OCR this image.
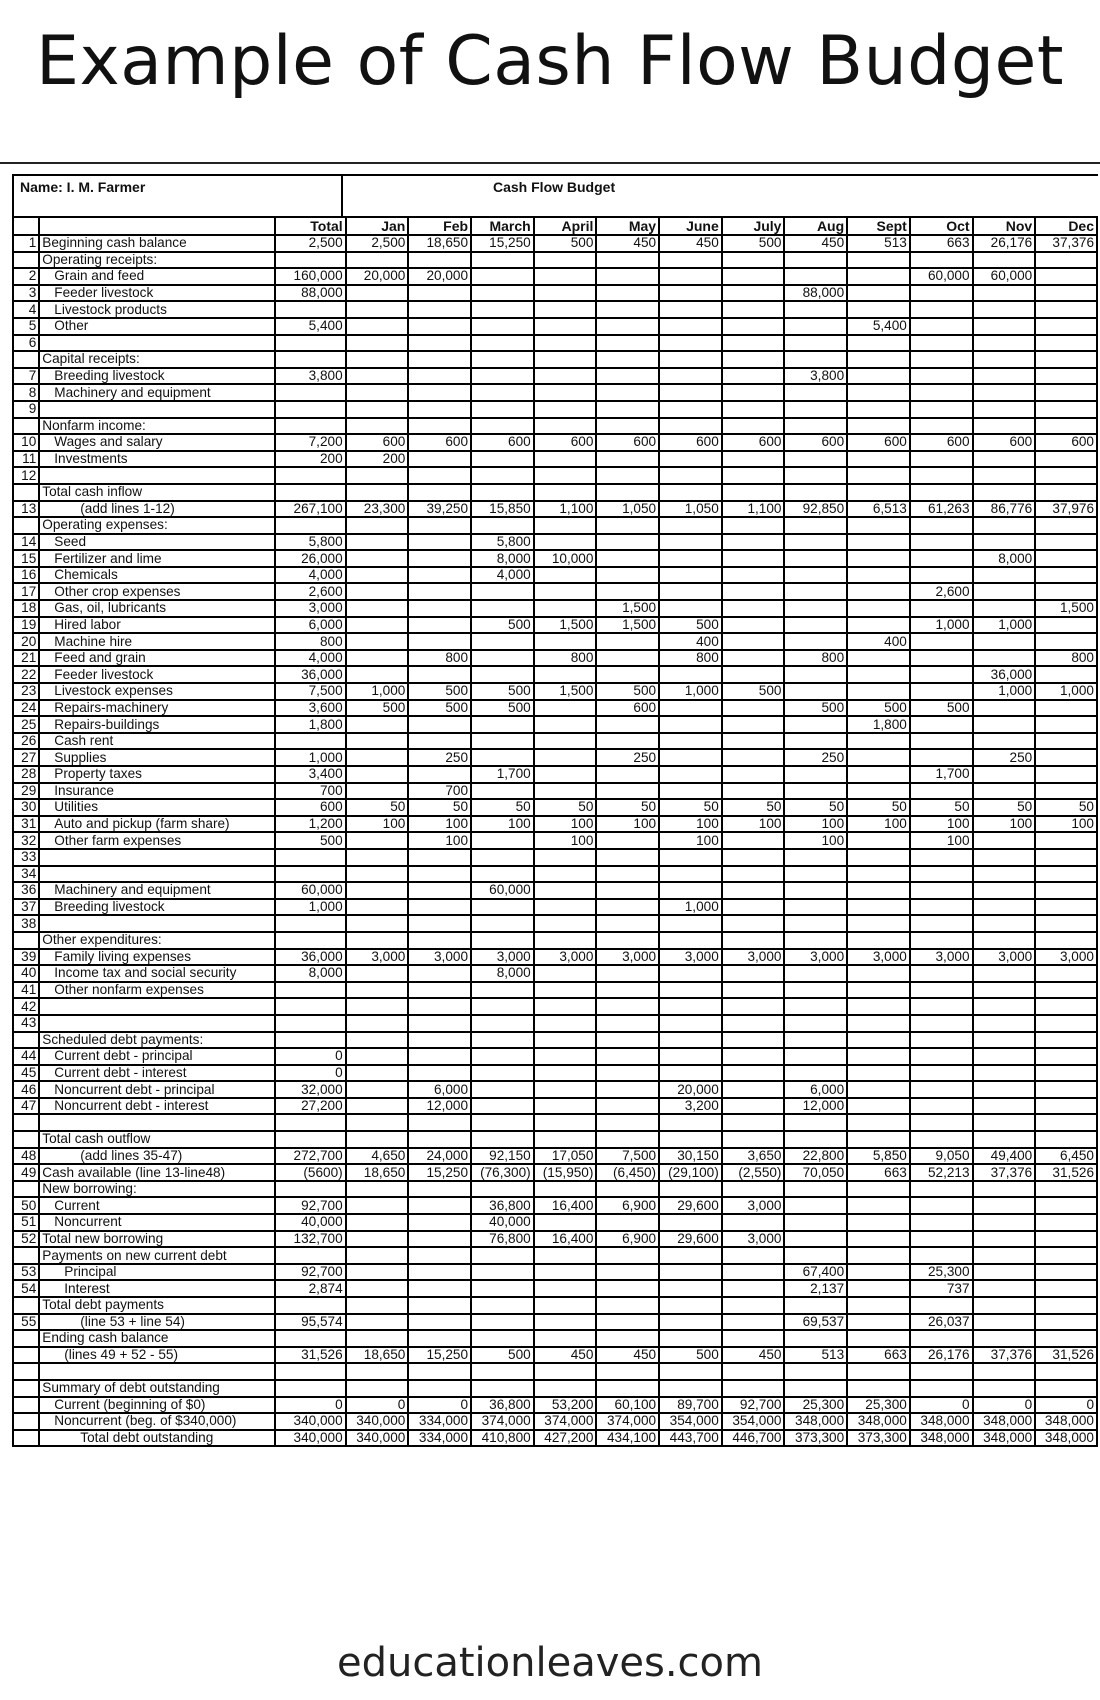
Example of Cash Flow Budget
Name: I. M. Farmer	Cash Flow Budget
		Total	Jan	Feb	March	April	May	June	July	Aug	Sept	Oct	Nov	Dec
1	Beginning cash balance	2,500	2,500	18,650	15,250	500	450	450	500	450	513	663	26,176	37,376
	Operating receipts:													
2	Grain and feed	160,000	20,000	20,000								60,000	60,000	
3	Feeder livestock	88,000								88,000				
4	Livestock products													
5	Other	5,400									5,400			
6														
	Capital receipts:													
7	Breeding livestock	3,800								3,800				
8	Machinery and equipment													
9														
	Nonfarm income:													
10	Wages and salary	7,200	600	600	600	600	600	600	600	600	600	600	600	600
11	Investments	200	200											
12														
	Total cash inflow													
13	(add lines 1-12)	267,100	23,300	39,250	15,850	1,100	1,050	1,050	1,100	92,850	6,513	61,263	86,776	37,976
	Operating expenses:													
14	Seed	5,800			5,800									
15	Fertilizer and lime	26,000			8,000	10,000							8,000	
16	Chemicals	4,000			4,000									
17	Other crop expenses	2,600										2,600		
18	Gas, oil, lubricants	3,000					1,500							1,500
19	Hired labor	6,000			500	1,500	1,500	500				1,000	1,000	
20	Machine hire	800						400			400			
21	Feed and grain	4,000		800		800		800		800				800
22	Feeder livestock	36,000											36,000	
23	Livestock expenses	7,500	1,000	500	500	1,500	500	1,000	500				1,000	1,000
24	Repairs-machinery	3,600	500	500	500		600			500	500	500		
25	Repairs-buildings	1,800									1,800			
26	Cash rent													
27	Supplies	1,000		250			250			250			250	
28	Property taxes	3,400			1,700							1,700		
29	Insurance	700		700										
30	Utilities	600	50	50	50	50	50	50	50	50	50	50	50	50
31	Auto and pickup (farm share)	1,200	100	100	100	100	100	100	100	100	100	100	100	100
32	Other farm expenses	500		100		100		100		100		100		
33														
34														
36	Machinery and equipment	60,000			60,000									
37	Breeding livestock	1,000						1,000						
38														
	Other expenditures:													
39	Family living expenses	36,000	3,000	3,000	3,000	3,000	3,000	3,000	3,000	3,000	3,000	3,000	3,000	3,000
40	Income tax and social security	8,000			8,000									
41	Other nonfarm expenses													
42														
43														
	Scheduled debt payments:													
44	Current debt - principal	0												
45	Current debt - interest	0												
46	Noncurrent debt - principal	32,000		6,000				20,000		6,000				
47	Noncurrent debt - interest	27,200		12,000				3,200		12,000				

	Total cash outflow													
48	(add lines 35-47)	272,700	4,650	24,000	92,150	17,050	7,500	30,150	3,650	22,800	5,850	9,050	49,400	6,450
49	Cash available (line 13-line48)	(5600)	18,650	15,250	(76,300)	(15,950)	(6,450)	(29,100)	(2,550)	70,050	663	52,213	37,376	31,526
	New borrowing:													
50	Current	92,700			36,800	16,400	6,900	29,600	3,000					
51	Noncurrent	40,000			40,000									
52	Total new borrowing	132,700			76,800	16,400	6,900	29,600	3,000					
	Payments on new current debt													
53	Principal	92,700								67,400		25,300		
54	Interest	2,874								2,137		737		
	Total debt payments													
55	(line 53 + line 54)	95,574								69,537		26,037		
	Ending cash balance													
	(lines 49 + 52 - 55)	31,526	18,650	15,250	500	450	450	500	450	513	663	26,176	37,376	31,526

	Summary of debt outstanding													
	Current (beginning of $0)	0	0	0	36,800	53,200	60,100	89,700	92,700	25,300	25,300	0	0	0
	Noncurrent (beg. of $340,000)	340,000	340,000	334,000	374,000	374,000	374,000	354,000	354,000	348,000	348,000	348,000	348,000	348,000
	Total debt outstanding	340,000	340,000	334,000	410,800	427,200	434,100	443,700	446,700	373,300	373,300	348,000	348,000	348,000
educationleaves.com
